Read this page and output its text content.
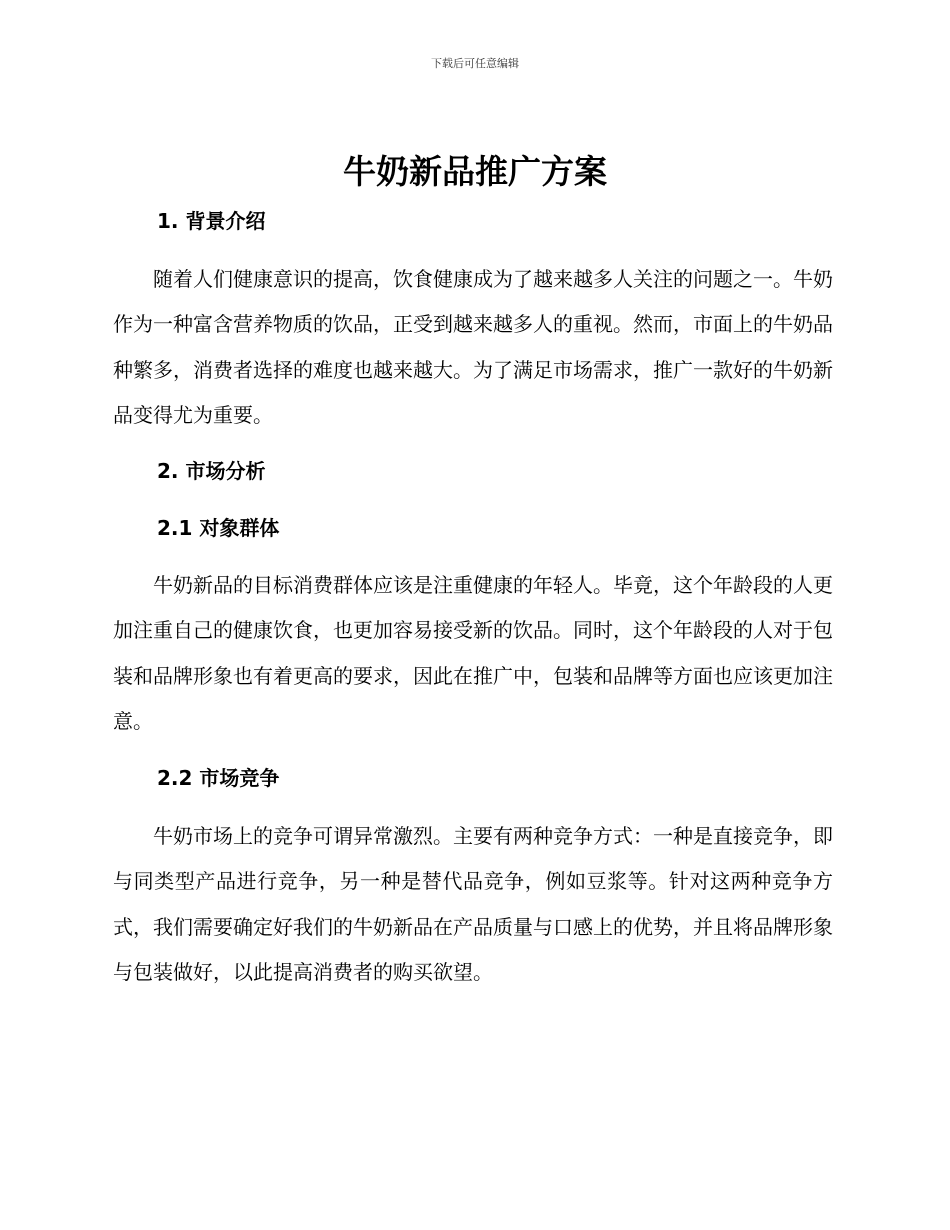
下载后可任意编辑
牛奶新品推广方案
1. 背景介绍

随着人们健康意识的提高，饮食健康成为了越来越多人关注的问题之一。牛奶作为一种富含营养物质的饮品，正受到越来越多人的重视。然而，市面上的牛奶品种繁多，消费者选择的难度也越来越大。为了满足市场需求，推广一款好的牛奶新品变得尤为重要。

2. 市场分析
2.1 对象群体

牛奶新品的目标消费群体应该是注重健康的年轻人。毕竟，这个年龄段的人更加注重自己的健康饮食，也更加容易接受新的饮品。同时，这个年龄段的人对于包装和品牌形象也有着更高的要求，因此在推广中，包装和品牌等方面也应该更加注意。

2.2 市场竞争

牛奶市场上的竞争可谓异常激烈。主要有两种竞争方式：一种是直接竞争，即与同类型产品进行竞争，另一种是替代品竞争，例如豆浆等。针对这两种竞争方式，我们需要确定好我们的牛奶新品在产品质量与口感上的优势，并且将品牌形象与包装做好，以此提高消费者的购买欲望。
